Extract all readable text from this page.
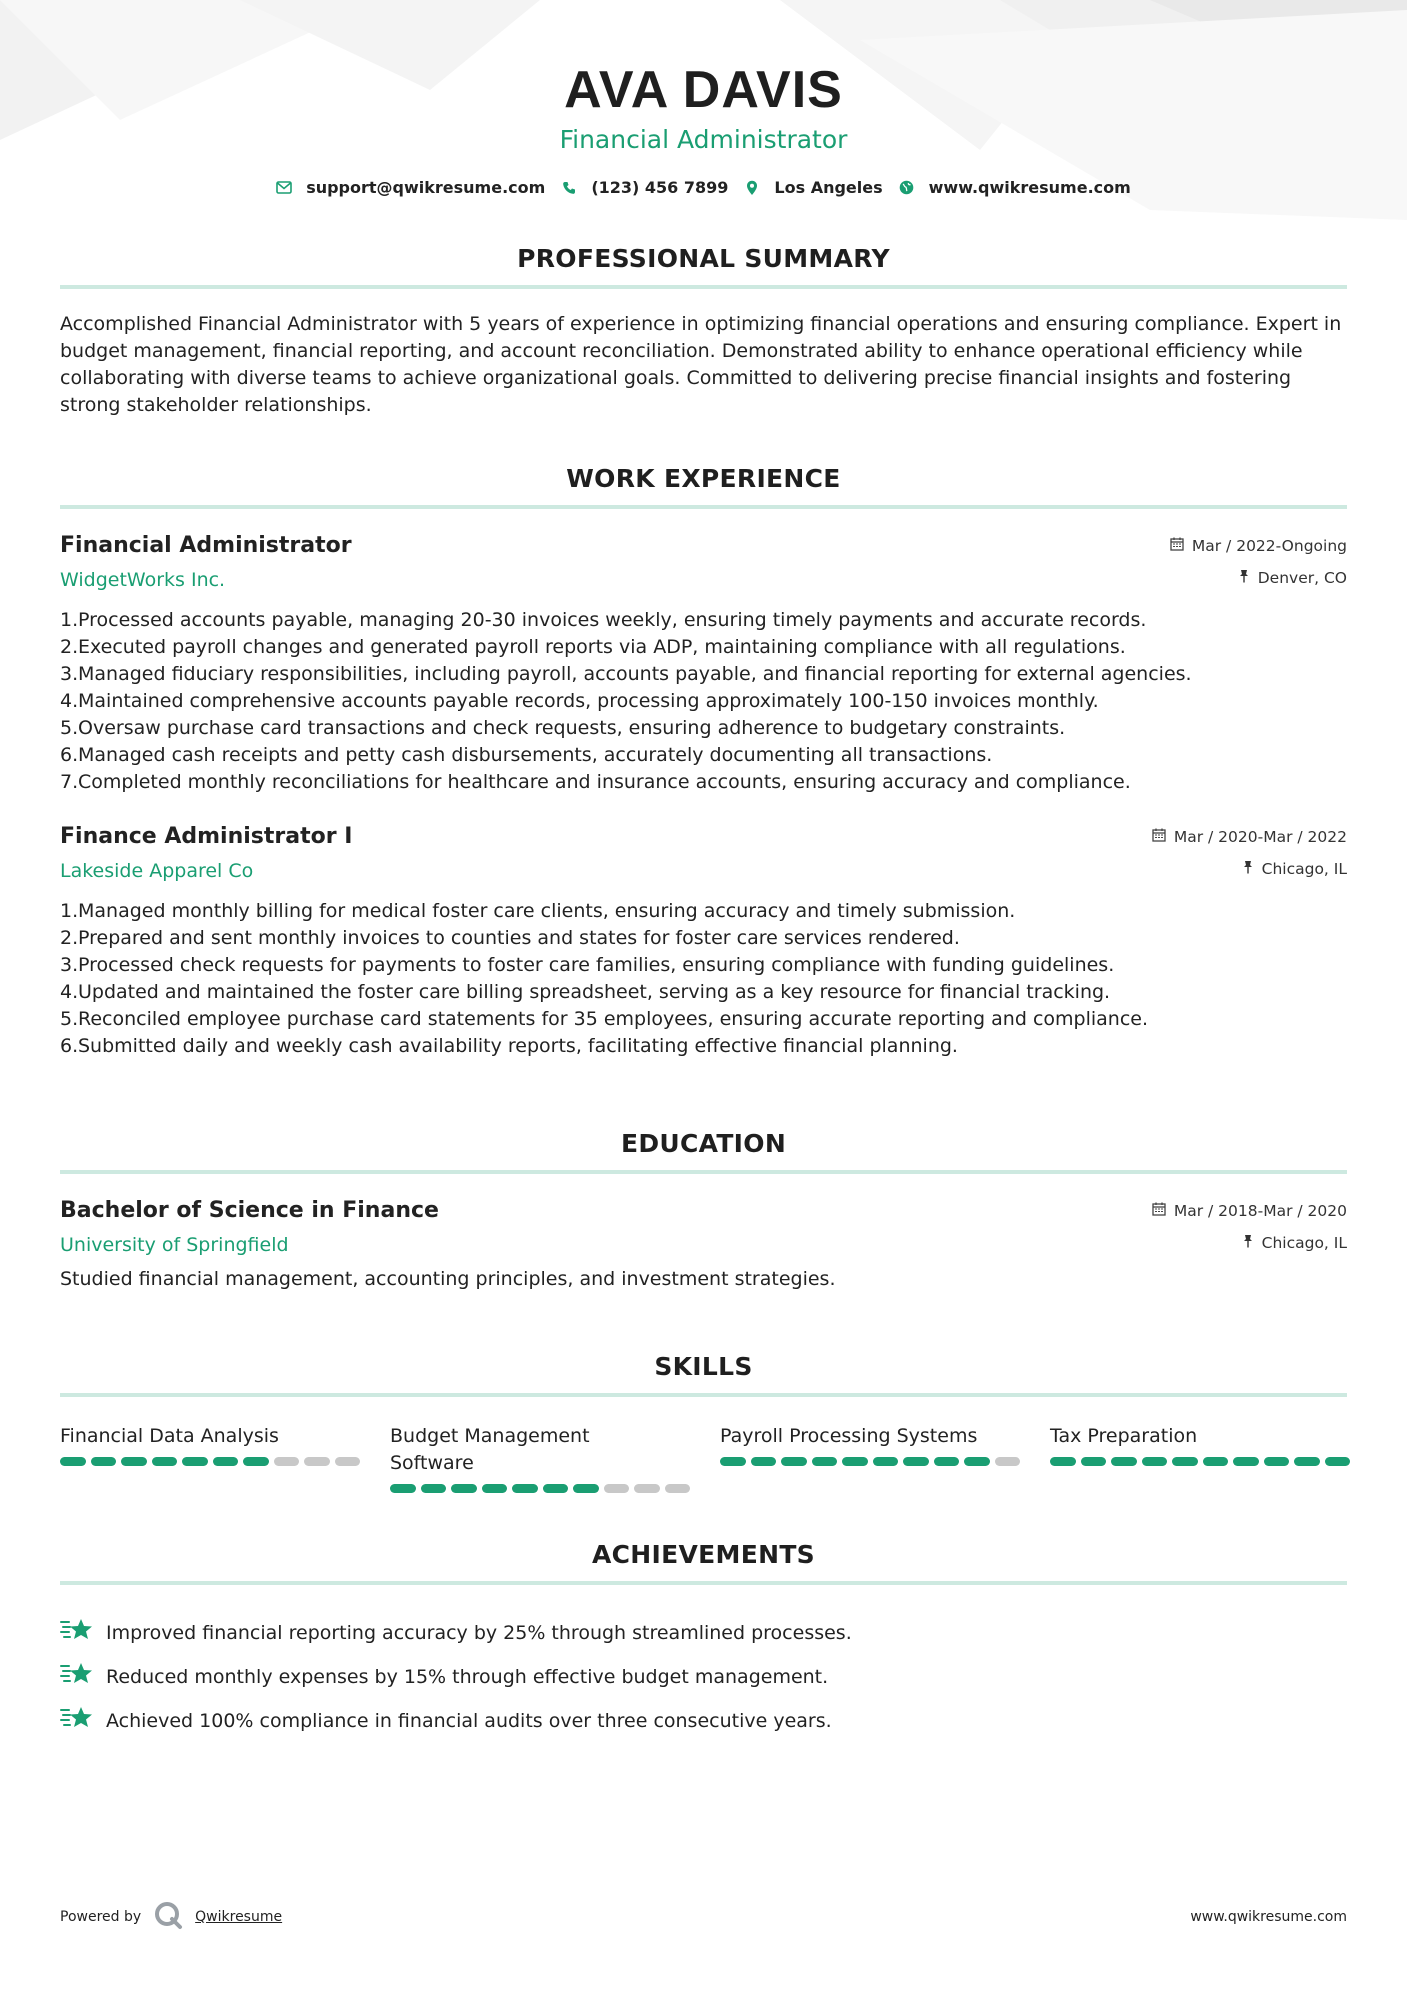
AVA DAVIS
Financial Administrator
support@qwikresume.com	(123) 456 7899	Los Angeles	www.qwikresume.com
PROFESSIONAL SUMMARY

Accomplished Financial Administrator with 5 years of experience in optimizing financial operations and ensuring compliance. Expert in budget management, financial reporting, and account reconciliation. Demonstrated ability to enhance operational efficiency while collaborating with diverse teams to achieve organizational goals. Committed to delivering precise financial insights and fostering strong stakeholder relationships.

WORK EXPERIENCE
Financial Administrator
WidgetWorks Inc.
Mar / 2022-Ongoing
Denver, CO
1. Processed accounts payable, managing 20-30 invoices weekly, ensuring timely payments and accurate records.
2. Executed payroll changes and generated payroll reports via ADP, maintaining compliance with all regulations.
3. Managed fiduciary responsibilities, including payroll, accounts payable, and financial reporting for external agencies.
4. Maintained comprehensive accounts payable records, processing approximately 100-150 invoices monthly.
5. Oversaw purchase card transactions and check requests, ensuring adherence to budgetary constraints.
6. Managed cash receipts and petty cash disbursements, accurately documenting all transactions.
7. Completed monthly reconciliations for healthcare and insurance accounts, ensuring accuracy and compliance.
Finance Administrator I
Lakeside Apparel Co
Mar / 2020-Mar / 2022
Chicago, IL
1. Managed monthly billing for medical foster care clients, ensuring accuracy and timely submission.
2. Prepared and sent monthly invoices to counties and states for foster care services rendered.
3. Processed check requests for payments to foster care families, ensuring compliance with funding guidelines.
4. Updated and maintained the foster care billing spreadsheet, serving as a key resource for financial tracking.
5. Reconciled employee purchase card statements for 35 employees, ensuring accurate reporting and compliance.
6. Submitted daily and weekly cash availability reports, facilitating effective financial planning.
EDUCATION
Bachelor of Science in Finance
University of Springfield
Mar / 2018-Mar / 2020
Chicago, IL

Studied financial management, accounting principles, and investment strategies.

SKILLS
Financial Data Analysis	Budget Management Software
Payroll Processing Systems	Tax Preparation
ACHIEVEMENTS
Improved financial reporting accuracy by 25% through streamlined processes.
Reduced monthly expenses by 15% through effective budget management.
Achieved 100% compliance in financial audits over three consecutive years.
Powered by	Qwikresume	www.qwikresume.com
